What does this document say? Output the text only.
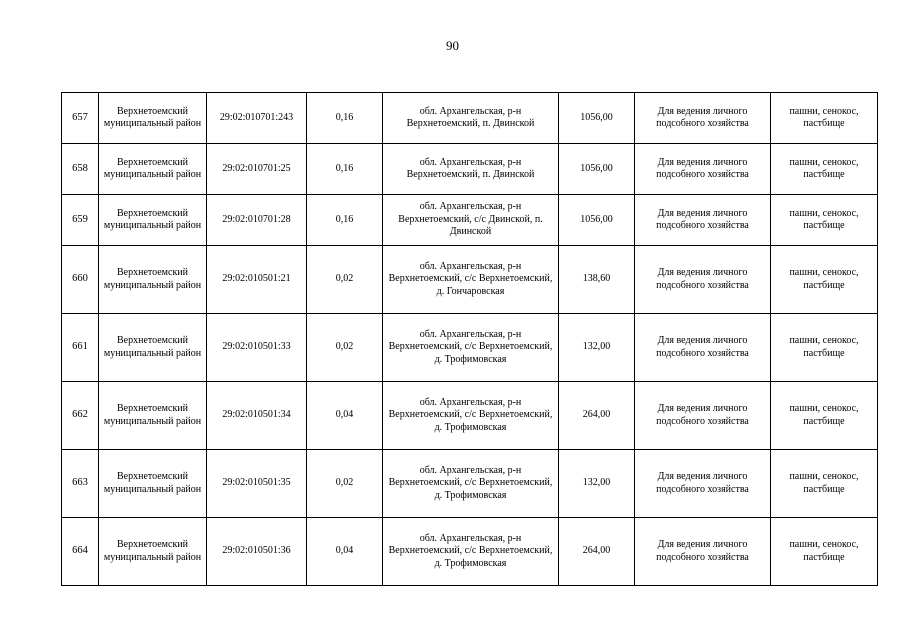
90
657	Верхнетоемский муниципальный район	29:02:010701:243	0,16	обл. Архангельская, р-н Верхнетоемский, п. Двинской	1056,00	Для ведения личного подсобного хозяйства	пашни, сенокос, пастбище
658	Верхнетоемский муниципальный район	29:02:010701:25	0,16	обл. Архангельская, р-н Верхнетоемский, п. Двинской	1056,00	Для ведения личного подсобного хозяйства	пашни, сенокос, пастбище
659	Верхнетоемский муниципальный район	29:02:010701:28	0,16	обл. Архангельская, р-н Верхнетоемский, с/с Двинской, п. Двинской	1056,00	Для ведения личного подсобного хозяйства	пашни, сенокос, пастбище
660	Верхнетоемский муниципальный район	29:02:010501:21	0,02	обл. Архангельская, р-н Верхнетоемский, с/с Верхнетоемский, д. Гончаровская	138,60	Для ведения личного подсобного хозяйства	пашни, сенокос, пастбище
661	Верхнетоемский муниципальный район	29:02:010501:33	0,02	обл. Архангельская, р-н Верхнетоемский, с/с Верхнетоемский, д. Трофимовская	132,00	Для ведения личного подсобного хозяйства	пашни, сенокос, пастбище
662	Верхнетоемский муниципальный район	29:02:010501:34	0,04	обл. Архангельская, р-н Верхнетоемский, с/с Верхнетоемский, д. Трофимовская	264,00	Для ведения личного подсобного хозяйства	пашни, сенокос, пастбище
663	Верхнетоемский муниципальный район	29:02:010501:35	0,02	обл. Архангельская, р-н Верхнетоемский, с/с Верхнетоемский, д. Трофимовская	132,00	Для ведения личного подсобного хозяйства	пашни, сенокос, пастбище
664	Верхнетоемский муниципальный район	29:02:010501:36	0,04	обл. Архангельская, р-н Верхнетоемский, с/с Верхнетоемский, д. Трофимовская	264,00	Для ведения личного подсобного хозяйства	пашни, сенокос, пастбище
